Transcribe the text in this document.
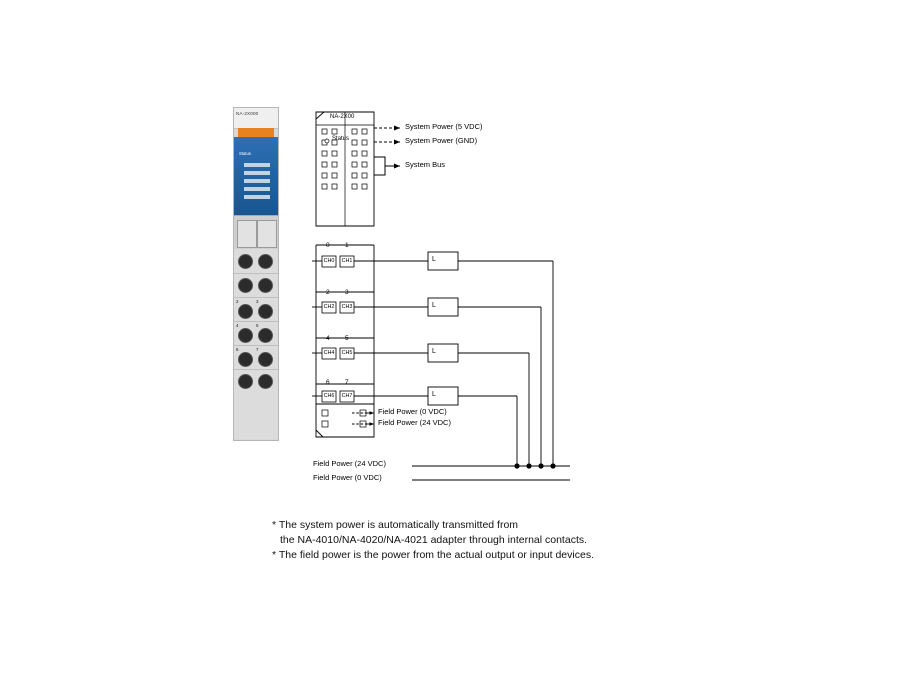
NA-2X000
Status
2	3
4	5
6	7
NA-2X00
Status
System Power (5 VDC)
System Power (GND)
System Bus
0 1
2 3
4 5
6 7
CH0 CH1
CH2 CH3
CH4 CH5
CH6 CH7
L
L
L
L
Field Power (0 VDC)
Field Power (24 VDC)
Field Power (24 VDC)
Field Power (0 VDC)
* The system power is automatically transmitted from
the NA-4010/NA-4020/NA-4021 adapter through internal contacts.
* The field power is the power from the actual output or input devices.
